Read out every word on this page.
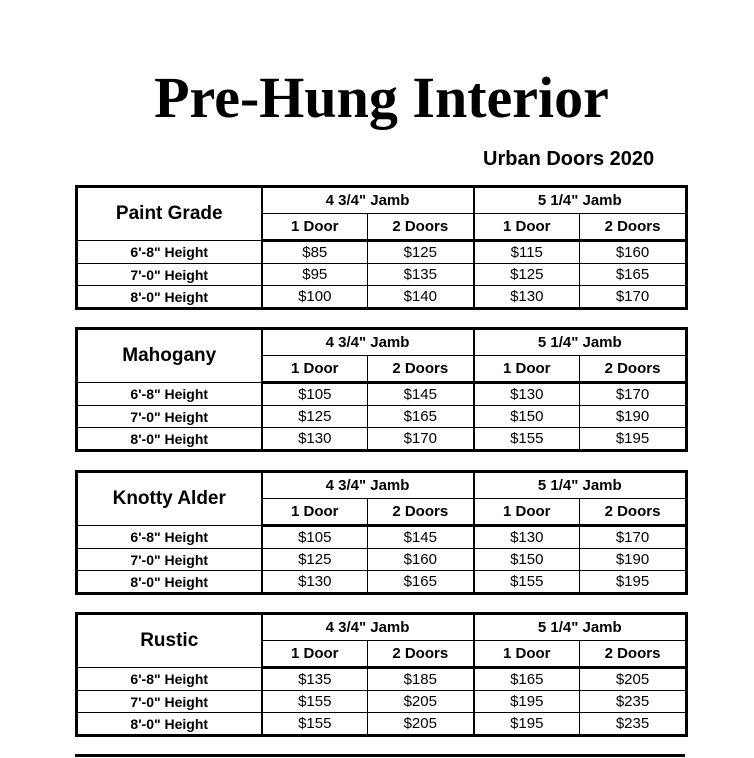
Pre-Hung Interior
Urban Doors 2020
Paint Grade	4 3/4" Jamb		5 1/4" Jamb	
	1 Door	2 Doors	1 Door	2 Doors
6'-8" Height	$85	$125	$115	$160
7'-0" Height	$95	$135	$125	$165
8'-0" Height	$100	$140	$130	$170
Mahogany	4 3/4" Jamb		5 1/4" Jamb	
	1 Door	2 Doors	1 Door	2 Doors
6'-8" Height	$105	$145	$130	$170
7'-0" Height	$125	$165	$150	$190
8'-0" Height	$130	$170	$155	$195
Knotty Alder	4 3/4" Jamb		5 1/4" Jamb	
	1 Door	2 Doors	1 Door	2 Doors
6'-8" Height	$105	$145	$130	$170
7'-0" Height	$125	$160	$150	$190
8'-0" Height	$130	$165	$155	$195
Rustic	4 3/4" Jamb		5 1/4" Jamb	
	1 Door	2 Doors	1 Door	2 Doors
6'-8" Height	$135	$185	$165	$205
7'-0" Height	$155	$205	$195	$235
8'-0" Height	$155	$205	$195	$235
